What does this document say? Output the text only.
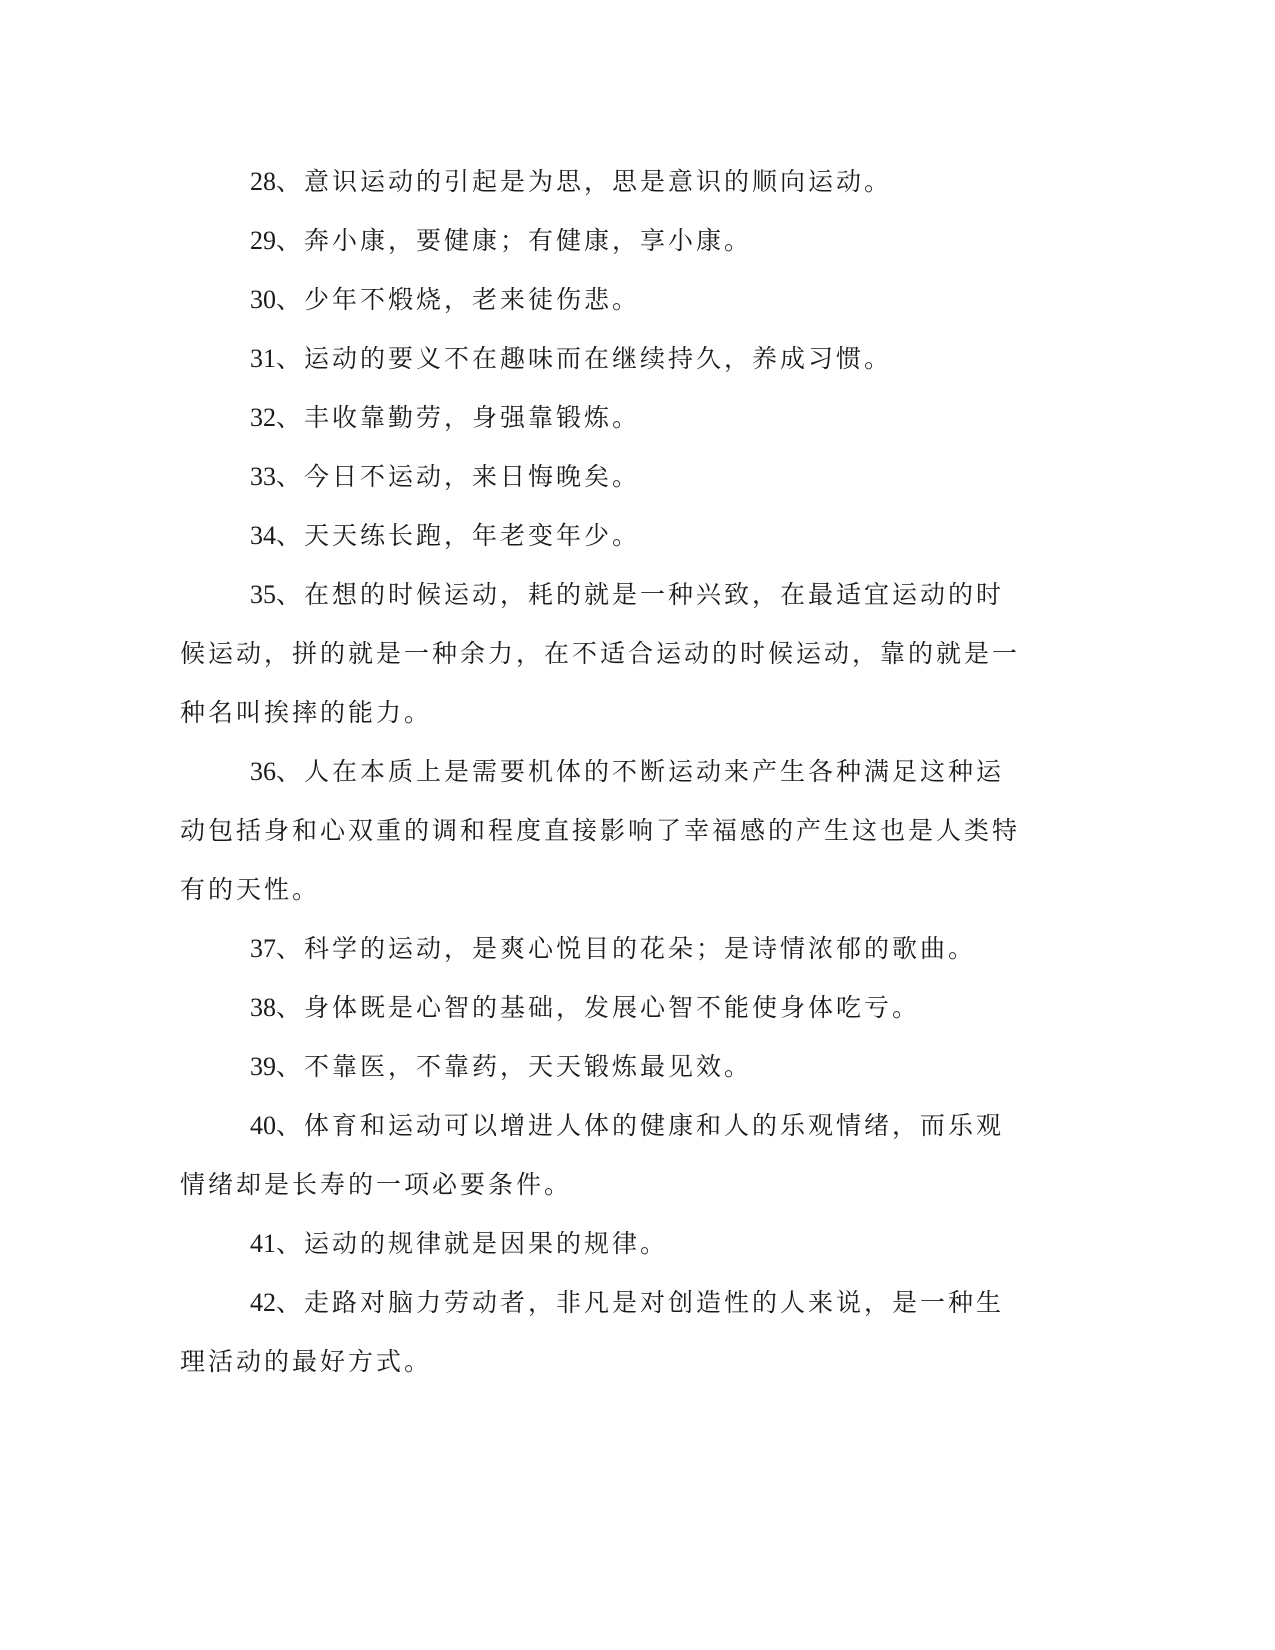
28、意识运动的引起是为思，思是意识的顺向运动。

29、奔小康，要健康；有健康，享小康。

30、少年不煅烧，老来徒伤悲。

31、运动的要义不在趣味而在继续持久，养成习惯。

32、丰收靠勤劳，身强靠锻炼。

33、今日不运动，来日悔晚矣。

34、天天练长跑，年老变年少。

35、在想的时候运动，耗的就是一种兴致，在最适宜运动的时候运动，拼的就是一种余力，在不适合运动的时候运动，靠的就是一种名叫挨摔的能力。

36、人在本质上是需要机体的不断运动来产生各种满足这种运动包括身和心双重的调和程度直接影响了幸福感的产生这也是人类特有的天性。

37、科学的运动，是爽心悦目的花朵；是诗情浓郁的歌曲。

38、身体既是心智的基础，发展心智不能使身体吃亏。

39、不靠医，不靠药，天天锻炼最见效。

40、体育和运动可以增进人体的健康和人的乐观情绪，而乐观情绪却是长寿的一项必要条件。

41、运动的规律就是因果的规律。

42、走路对脑力劳动者，非凡是对创造性的人来说，是一种生理活动的最好方式。
